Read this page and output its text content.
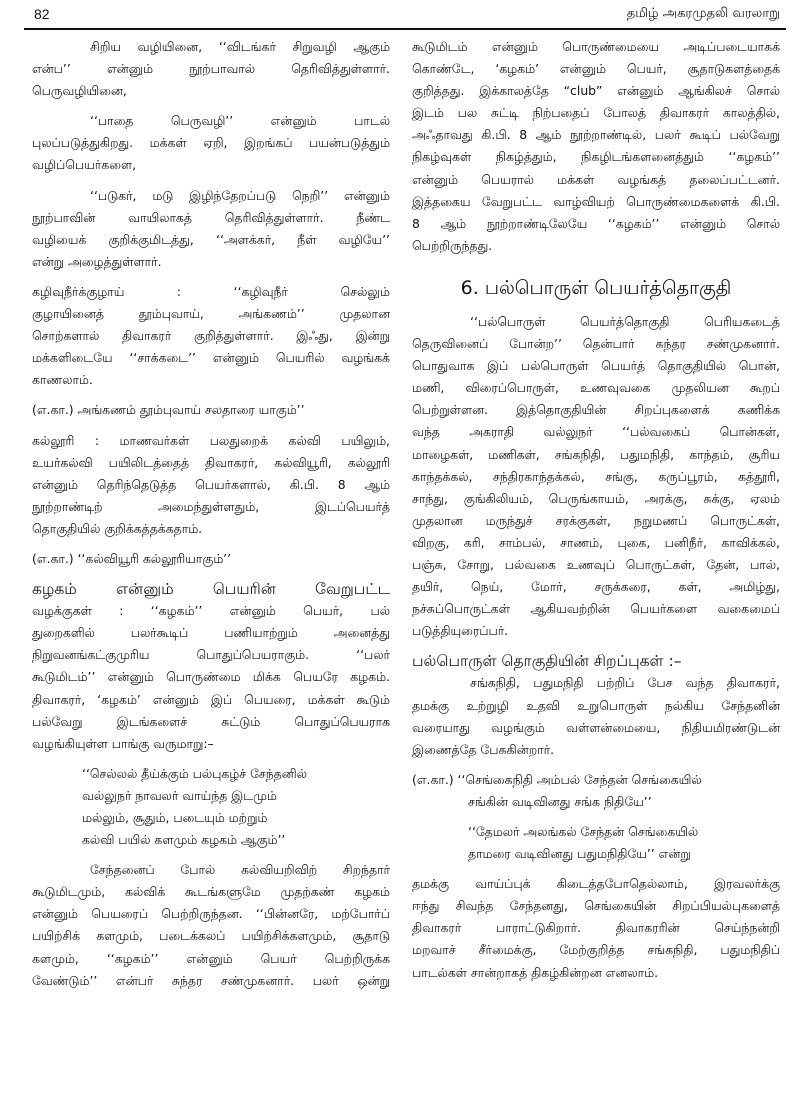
82	தமிழ் அகரமுதலி வரலாறு
சிறிய வழியினை, ‘‘விடங்கர் சிறுவழி ஆகும்
என்ப’’ என்னும் நூற்பாவால் தெரிவித்துள்ளார்.
பெருவழியினை,
‘‘பாதை பெருவழி’’ என்னும் பாடல்
புலப்படுத்துகிறது. மக்கள் ஏறி, இறங்கப் பயன்படுத்தும்
வழிப்பெயர்களை,
‘‘படுகர், மடு இழிந்தேறப்படு நெறி’’ என்னும்
நூற்பாவின் வாயிலாகத் தெரிவித்துள்ளார். நீண்ட
வழியைக் குறிக்குமிடத்து, ‘‘அளக்கர், நீள் வழியே’’
என்று அழைத்துள்ளார்.
கழிவுநீர்க்குழாய் : ‘‘கழிவுநீர் செல்லும்
குழாயினைத் தூம்புவாய், அங்கணம்’’ முதலான
சொற்களால் திவாகரர் குறித்துள்ளார். இஃது, இன்று
மக்களிடையே ‘‘சாக்கடை’’ என்னும் பெயரில் வழங்கக்
காணலாம்.
(எ.கா.) அங்கணம் தூம்புவாய் சலதாரை யாகும்’’
கல்லூரி : மாணவர்கள் பலதுறைக் கல்வி பயிலும்,
உயர்கல்வி பயிலிடத்தைத் திவாகரர், கல்வியூரி, கல்லூரி
என்னும் தெரிந்தெடுத்த பெயர்களால், கி.பி. 8 ஆம்
நூற்றாண்டிற் அமைந்துள்ளதும், இடப்பெயர்த்
தொகுதியில் குறிக்கத்தக்கதாம்.
(எ.கா.) ‘‘கல்வியூரி கல்லூரியாகும்’’
கழகம் என்னும் பெயரின் வேறுபட்ட
வழக்குகள் : ‘‘கழகம்’’ என்னும் பெயர், பல்
துறைகளில் பலர்கூடிப் பணியாற்றும் அனைத்து
நிறுவனங்கட்குமுரிய பொதுப்பெயராகும். ‘‘பலர்
கூடுமிடம்’’ என்னும் பொருண்மை மிக்க பெயரே கழகம்.
திவாகரர், ‘கழகம்’ என்னும் இப் பெயரை, மக்கள் கூடும்
பல்வேறு இடங்களைச் சுட்டும் பொதுப்பெயராக
வழங்கியுள்ள பாங்கு வருமாறு:–
‘‘செல்லல் தீய்க்கும் பல்புகழ்ச் சேந்தனில்
வல்லுநர் நாவலர் வாய்ந்த இடமும்
மல்லும், சூதும், படையும் மற்றும்
கல்வி பயில் களமும் கழகம் ஆகும்’’
சேந்தனைப் போல் கல்வியறிவிற் சிறந்தார்
கூடுமிடமும், கல்விக் கூடங்களுமே முதற்கண் கழகம்
என்னும் பெயரைப் பெற்றிருந்தன. ‘‘பின்னரே, மற்போர்ப்
பயிற்சிக் களமும், படைக்கலப் பயிற்சிக்களமும், சூதாடு
களமும், ‘‘கழகம்’’ என்னும் பெயர் பெற்றிருக்க
வேண்டும்’’ என்பர் சுந்தர சண்முகனார். பலர் ஒன்று
கூடுமிடம் என்னும் பொருண்மையை அடிப்படையாகக்
கொண்டே, ‘கழகம்’ என்னும் பெயர், சூதாடுகளத்தைக்
குறித்தது. இக்காலத்தே “club” என்னும் ஆங்கிலச் சொல்
இடம் பல சுட்டி நிற்பதைப் போலத் திவாகரர் காலத்தில்,
அஃதாவது கி.பி. 8 ஆம் நூற்றாண்டில், பலர் கூடிப் பல்வேறு
நிகழ்வுகள் நிகழ்த்தும், நிகழிடங்களனைத்தும் ‘‘கழகம்’’
என்னும் பெயரால் மக்கள் வழங்கத் தலைப்பட்டனர்.
இத்தகைய வேறுபட்ட வாழ்வியற் பொருண்மைகளைக் கி.பி.
8 ஆம் நூற்றாண்டிலேயே ‘‘கழகம்’’ என்னும் சொல்
பெற்றிருந்தது.
6. பல்பொருள் பெயர்த்தொகுதி
‘‘பல்பொருள் பெயர்த்தொகுதி பெரியகடைத்
தெருவினைப் போன்ற’’ தென்பார் சுந்தர சண்முகனார்.
பொதுவாக இப் பல்பொருள் பெயர்த் தொகுதியில் பொன்,
மணி, விரைப்பொருள், உணவுவகை முதலியன கூறப்
பெற்றுள்ளன. இத்தொகுதியின் சிறப்புகளைக் கணிக்க
வந்த அகராதி வல்லுநர் ‘‘பல்வகைப் பொன்கள்,
மாழைகள், மணிகள், சங்கநிதி, பதுமநிதி, காந்தம், சூரிய
காந்தக்கல், சந்திரகாந்தக்கல், சங்கு, கருப்பூரம், கத்தூரி,
சாந்து, குங்கிலியம், பெருங்காயம், அரக்கு, சுக்கு, ஏலம்
முதலான மருந்துச் சரக்குகள், நறுமணப் பொருட்கள்,
விறகு, கரி, சாம்பல், சாணம், புகை, பனிநீர், காவிக்கல்,
பஞ்சு, சோறு, பல்வகை உணவுப் பொருட்கள், தேன், பால்,
தயிர், நெய், மோர், சருக்கரை, கள், அமிழ்து,
நச்சுப்பொருட்கள் ஆகியவற்றின் பெயர்களை வகைமைப்
படுத்தியுரைப்பர்.
பல்பொருள் தொகுதியின் சிறப்புகள் :–
சங்கநிதி, பதுமநிதி பற்றிப் பேச வந்த திவாகரர்,
தமக்கு உற்றுழி உதவி உறுபொருள் நல்கிய சேந்தனின்
வரையாது வழங்கும் வள்ளன்மையை, நிதியமிரண்டுடன்
இணைத்தே பேசுகின்றார்.
(எ.கா.) ‘‘செங்கைநிதி அம்பல் சேந்தன் செங்கையில்
சங்கின் வடிவினது சங்க நிதியே’’
‘‘தேமலர் அலங்கல் சேந்தன் செங்கையில்
தாமரை வடிவினது பதுமநிதியே’’ என்று
தமக்கு வாய்ப்புக் கிடைத்தபோதெல்லாம், இரவலர்க்கு
ஈந்து சிவந்த சேந்தனது, செங்கையின் சிறப்பியல்புகளைத்
திவாகரர் பாராட்டுகிறார். திவாகரரின் செய்ந்நன்றி
மறவாச் சீர்மைக்கு, மேற்குறித்த சங்கநிதி, பதுமநிதிப்
பாடல்கள் சான்றாகத் திகழ்கின்றன எனலாம்.
